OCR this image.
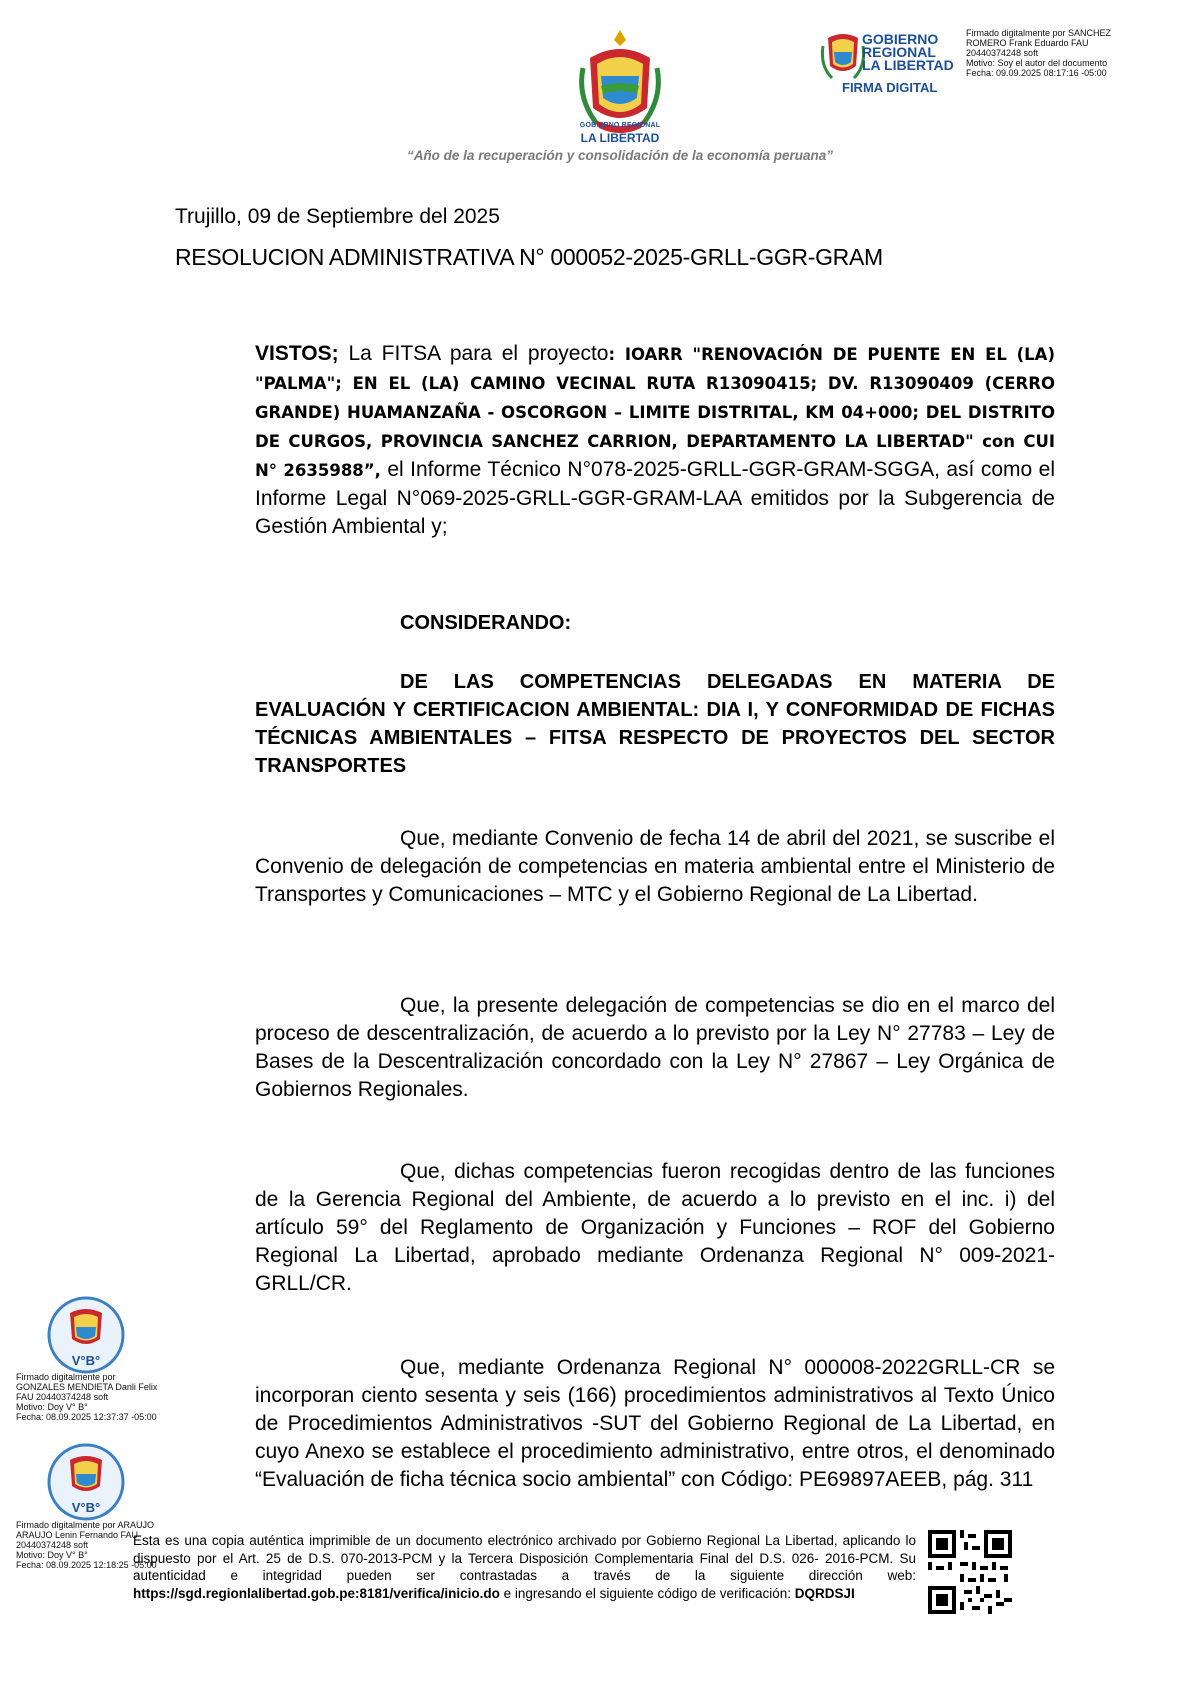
GOBIERNO REGIONAL
LA LIBERTAD
“Año de la recuperación y consolidación de la economía peruana”
GOBIERNO
REGIONAL
LA LIBERTAD
FIRMA DIGITAL
Firmado digitalmente por SANCHEZ
ROMERO Frank Eduardo FAU
20440374248 soft
Motivo: Soy el autor del documento
Fecha: 09.09.2025 08:17:16 -05:00
Trujillo, 09 de Septiembre del 2025
RESOLUCION ADMINISTRATIVA N° 000052-2025-GRLL-GGR-GRAM
VISTOS; La FITSA para el proyecto: IOARR "RENOVACIÓN DE PUENTE EN EL (LA) "PALMA"; EN EL (LA) CAMINO VECINAL RUTA R13090415; DV. R13090409 (CERRO GRANDE) HUAMANZAÑA - OSCORGON – LIMITE DISTRITAL, KM 04+000; DEL DISTRITO DE CURGOS, PROVINCIA SANCHEZ CARRION, DEPARTAMENTO LA LIBERTAD" con CUI N° 2635988”, el Informe Técnico N°078-2025-GRLL-GGR-GRAM-SGGA, así como el Informe Legal N°069-2025-GRLL-GGR-GRAM-LAA emitidos por la Subgerencia de Gestión Ambiental y;
CONSIDERANDO:
DE LAS COMPETENCIAS DELEGADAS EN MATERIA DE EVALUACIÓN Y CERTIFICACION AMBIENTAL: DIA I, Y CONFORMIDAD DE FICHAS TÉCNICAS AMBIENTALES – FITSA RESPECTO DE PROYECTOS DEL SECTOR TRANSPORTES
Que, mediante Convenio de fecha 14 de abril del 2021, se suscribe el Convenio de delegación de competencias en materia ambiental entre el Ministerio de Transportes y Comunicaciones – MTC y el Gobierno Regional de La Libertad.
Que, la presente delegación de competencias se dio en el marco del proceso de descentralización, de acuerdo a lo previsto por la Ley N° 27783 – Ley de Bases de la Descentralización concordado con la Ley N° 27867 – Ley Orgánica de Gobiernos Regionales.
Que, dichas competencias fueron recogidas dentro de las funciones de la Gerencia Regional del Ambiente, de acuerdo a lo previsto en el inc. i) del artículo 59° del Reglamento de Organización y Funciones – ROF del Gobierno Regional La Libertad, aprobado mediante Ordenanza Regional N° 009-2021-GRLL/CR.
Que, mediante Ordenanza Regional N° 000008-2022GRLL-CR se incorporan ciento sesenta y seis (166) procedimientos administrativos al Texto Único de Procedimientos Administrativos -SUT del Gobierno Regional de La Libertad, en cuyo Anexo se establece el procedimiento administrativo, entre otros, el denominado “Evaluación de ficha técnica socio ambiental” con Código: PE69897AEEB, pág. 311
V°B°
Firmado digitalmente por
GONZALES MENDIETA Danli Felix
FAU 20440374248 soft
Motivo: Doy V° B°
Fecha: 08.09.2025 12:37:37 -05:00
V°B°
Firmado digitalmente por ARAUJO
ARAUJO Lenin Fernando FAU
20440374248 soft
Motivo: Doy V° B°
Fecha: 08.09.2025 12:18:25 -05:00
Esta es una copia auténtica imprimible de un documento electrónico archivado por Gobierno Regional La Libertad, aplicando lo dispuesto por el Art. 25 de D.S. 070-2013-PCM y la Tercera Disposición Complementaria Final del D.S. 026- 2016-PCM. Su autenticidad e integridad pueden ser contrastadas a través de la siguiente dirección web: https://sgd.regionlalibertad.gob.pe:8181/verifica/inicio.do e ingresando el siguiente código de verificación: DQRDSJI
